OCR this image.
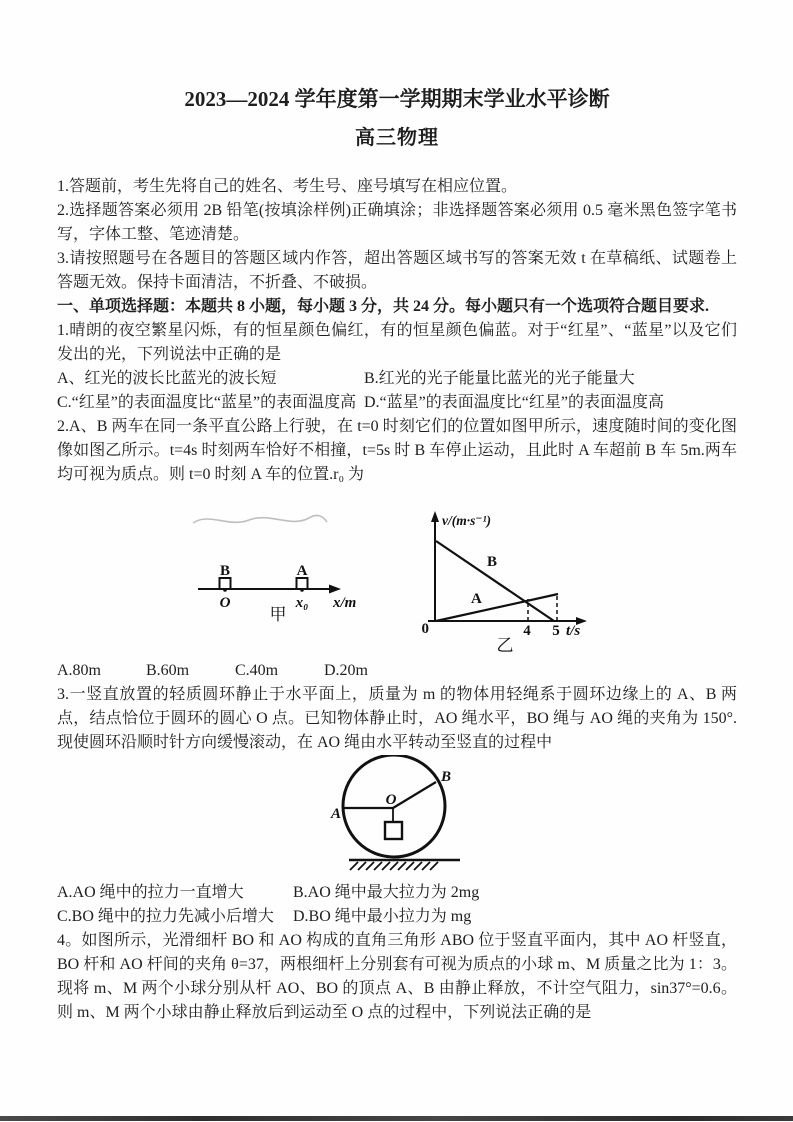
2023—2024 学年度第一学期期末学业水平诊断
高三物理

1.答题前，考生先将自己的姓名、考生号、座号填写在相应位置。

2.选择题答案必须用 2B 铅笔(按填涂样例)正确填涂；非选择题答案必须用 0.5 毫米黑色签字笔书写，字体工整、笔迹清楚。

3.请按照题号在各题目的答题区域内作答，超出答题区域书写的答案无效 t 在草稿纸、试题卷上答题无效。保持卡面清洁，不折叠、不破损。

一、单项选择题：本题共 8 小题，每小题 3 分，共 24 分。每小题只有一个选项符合题目要求.

1.晴朗的夜空繁星闪烁，有的恒星颜色偏红，有的恒星颜色偏蓝。对于“红星”、“蓝星”以及它们发出的光，下列说法中正确的是

A、红光的波长比蓝光的波长短	B.红光的光子能量比蓝光的光子能量大
C.“红星”的表面温度比“蓝星”的表面温度高 D.“蓝星”的表面温度比“红星”的表面温度高

2.A、B 两车在同一条平直公路上行驶，在 t=0 时刻它们的位置如图甲所示，速度随时间的变化图像如图乙所示。t=4s 时刻两车恰好不相撞，t=5s 时 B 车停止运动，且此时 A 车超前 B 车 5m.两车均可视为质点。则 t=0 时刻 A 车的位置.r₀ 为

B	A
O	x₀ x/m
甲
v/(m·s⁻¹)
0
B
A
4 5 t/s
乙
A.80m	B.60m	C.40m	D.20m

3.一竖直放置的轻质圆环静止于水平面上，质量为 m 的物体用轻绳系于圆环边缘上的 A、B 两点，结点恰位于圆环的圆心 O 点。已知物体静止时，AO 绳水平，BO 绳与 AO 绳的夹角为 150°.现使圆环沿顺时针方向缓慢滚动，在 AO 绳由水平转动至竖直的过程中

A
B
O
A.AO 绳中的拉力一直增大	B.AO 绳中最大拉力为 2mg
C.BO 绳中的拉力先减小后增大	D.BO 绳中最小拉力为 mg

4。如图所示，光滑细杆 BO 和 AO 构成的直角三角形 ABO 位于竖直平面内，其中 AO 杆竖直，BO 杆和 AO 杆间的夹角 θ=37，两根细杆上分别套有可视为质点的小球 m、M 质量之比为 1：3。现将 m、M 两个小球分别从杆 AO、BO 的顶点 A、B 由静止释放，不计空气阻力，sin37°=0.6。则 m、M 两个小球由静止释放后到运动至 O 点的过程中，下列说法正确的是
